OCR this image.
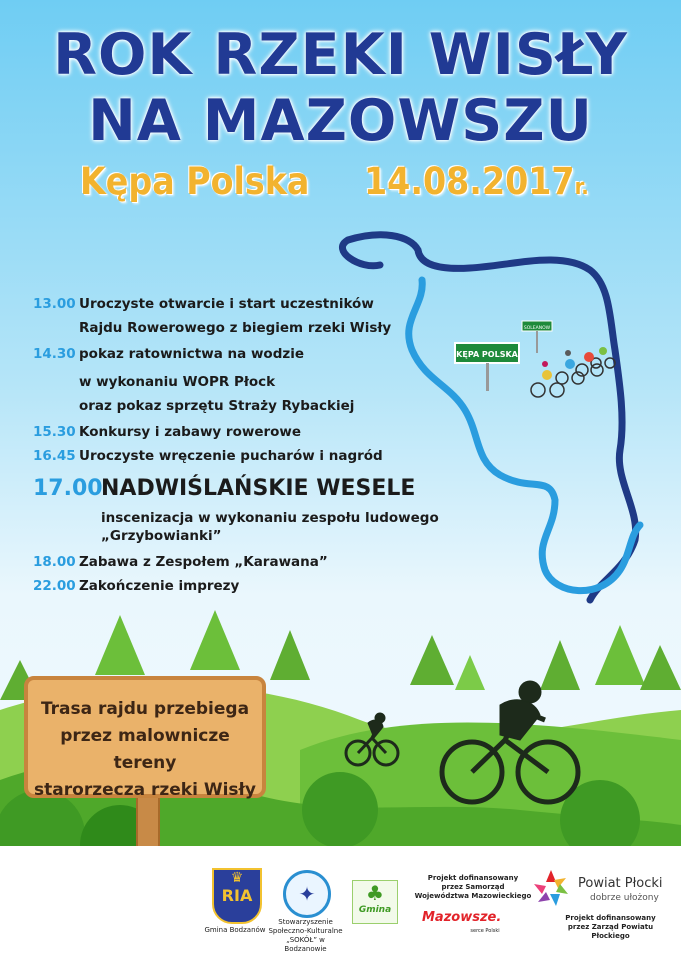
ROK RZEKI WISŁY
NA MAZOWSZU
Kępa Polska 14.08.2017r.
KĘPA POLSKA
SOLEANOW
13.00 Uroczyste otwarcie i start uczestników
Rajdu Rowerowego z biegiem rzeki Wisły
14.30 pokaz ratownictwa na wodzie
w wykonaniu WOPR Płock
oraz pokaz sprzętu Straży Rybackiej
15.30 Konkursy i zabawy rowerowe
16.45 Uroczyste wręczenie pucharów i nagród
17.00NADWIŚLAŃSKIE WESELE
inscenizacja w wykonaniu zespołu ludowego
„Grzybowianki”
18.00 Zabawa z Zespołem „Karawana”
22.00 Zakończenie imprezy
Trasa rajdu przebiega
przez malownicze tereny
starorzecza rzeki Wisły
♛
RIA
Gmina Bodzanów
✦
Stowarzyszenie
Społeczno-Kulturalne
„SOKÓŁ” w Bodzanowie
♣
Gmina
Projekt dofinansowany
przez Samorząd
Województwa Mazowieckiego
Mazowsze.
serce Polski
Powiat Płocki
dobrze ułożony
Projekt dofinansowany
przez Zarząd Powiatu Płockiego
